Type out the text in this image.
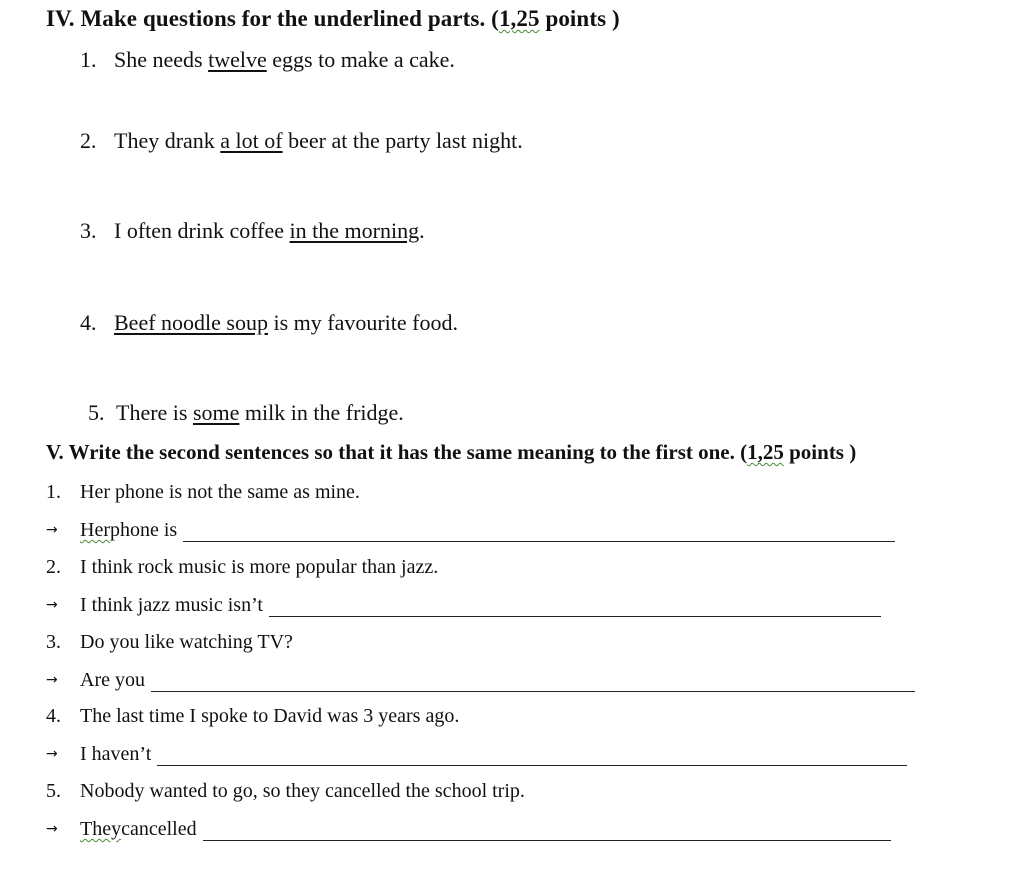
IV. Make questions for the underlined parts. (1,25 points )
1. She needs twelve eggs to make a cake.
2. They drank a lot of beer at the party last night.
3. I often drink coffee in the morning.
4. Beef noodle soup is my favourite food.
5. There is some milk in the fridge.
V. Write the second sentences so that it has the same meaning to the first one. (1,25 points )
1. Her phone is not the same as mine.
→	Her phone is
2. I think rock music is more popular than jazz.
→	I think jazz music isn’t
3. Do you like watching TV?
→	Are you
4. The last time I spoke to David was 3 years ago.
→	I haven’t
5. Nobody wanted to go, so they cancelled the school trip.
→	They cancelled
